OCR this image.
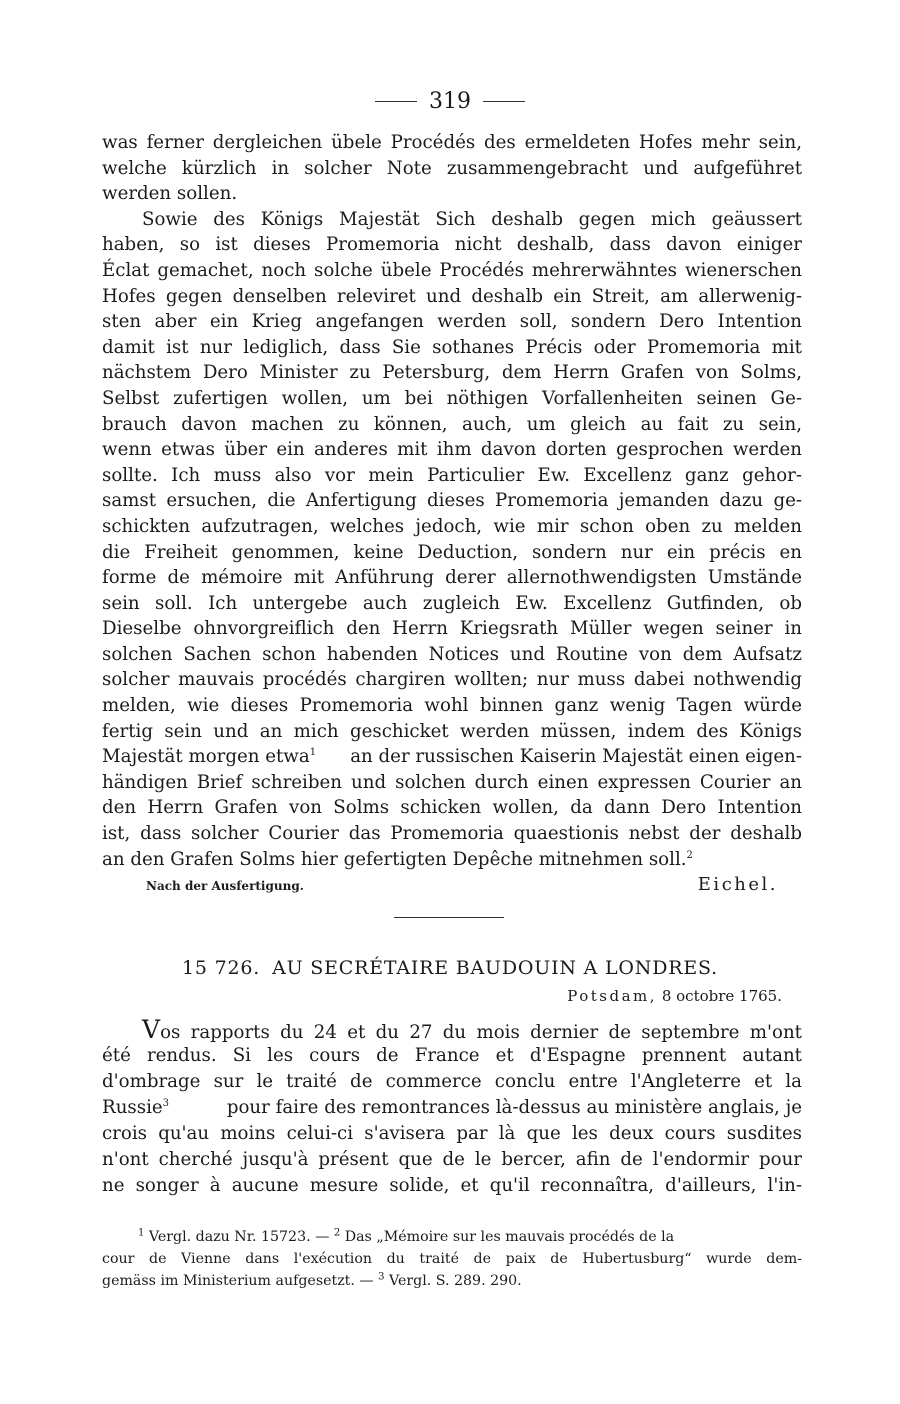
319
was ferner dergleichen übele Procédés des ermeldeten Hofes mehr sein,
welche kürzlich in solcher Note zusammengebracht und aufgeführet
werden sollen.
Sowie des Königs Majestät Sich deshalb gegen mich geäussert
haben, so ist dieses Promemoria nicht deshalb, dass davon einiger
Éclat gemachet, noch solche übele Procédés mehrerwähntes wienerschen
Hofes gegen denselben releviret und deshalb ein Streit, am allerwenig-
sten aber ein Krieg angefangen werden soll, sondern Dero Intention
damit ist nur lediglich, dass Sie sothanes Précis oder Promemoria mit
nächstem Dero Minister zu Petersburg, dem Herrn Grafen von Solms,
Selbst zufertigen wollen, um bei nöthigen Vorfallenheiten seinen Ge-
brauch davon machen zu können, auch, um gleich au fait zu sein,
wenn etwas über ein anderes mit ihm davon dorten gesprochen werden
sollte. Ich muss also vor mein Particulier Ew. Excellenz ganz gehor-
samst ersuchen, die Anfertigung dieses Promemoria jemanden dazu ge-
schickten aufzutragen, welches jedoch, wie mir schon oben zu melden
die Freiheit genommen, keine Deduction, sondern nur ein précis en
forme de mémoire mit Anführung derer allernothwendigsten Umstände
sein soll. Ich untergebe auch zugleich Ew. Excellenz Gutfinden, ob
Dieselbe ohnvorgreiflich den Herrn Kriegsrath Müller wegen seiner in
solchen Sachen schon habenden Notices und Routine von dem Aufsatz
solcher mauvais procédés chargiren wollten; nur muss dabei nothwendig
melden, wie dieses Promemoria wohl binnen ganz wenig Tagen würde
fertig sein und an mich geschicket werden müssen, indem des Königs
Majestät morgen etwa$^1$ an der russischen Kaiserin Majestät einen eigen-
händigen Brief schreiben und solchen durch einen expressen Courier an
den Herrn Grafen von Solms schicken wollen, da dann Dero Intention
ist, dass solcher Courier das Promemoria quaestionis nebst der deshalb
an den Grafen Solms hier gefertigten Depêche mitnehmen soll.$^2$
Nach der Ausfertigung.	Eichel.
15 726. AU SECRÉTAIRE BAUDOUIN A LONDRES.
Potsdam, 8 octobre 1765.
Vos rapports du 24 et du 27 du mois dernier de septembre m'ont
été rendus. Si les cours de France et d'Espagne prennent autant
d'ombrage sur le traité de commerce conclu entre l'Angleterre et la
Russie$^3$	pour faire des remontrances là-dessus au ministère anglais, je
crois qu'au moins celui-ci s'avisera par là que les deux cours susdites
n'ont cherché jusqu'à présent que de le bercer, afin de l'endormir pour
ne songer à aucune mesure solide, et qu'il reconnaîtra, d'ailleurs, l'in-
$^1$ Vergl. dazu Nr. 15723. — $^2$ Das „Mémoire sur les mauvais procédés de la
cour de Vienne dans l'exécution du traité de paix de Hubertusburg“ wurde dem-
gemäss im Ministerium aufgesetzt. — $^3$ Vergl. S. 289. 290.
